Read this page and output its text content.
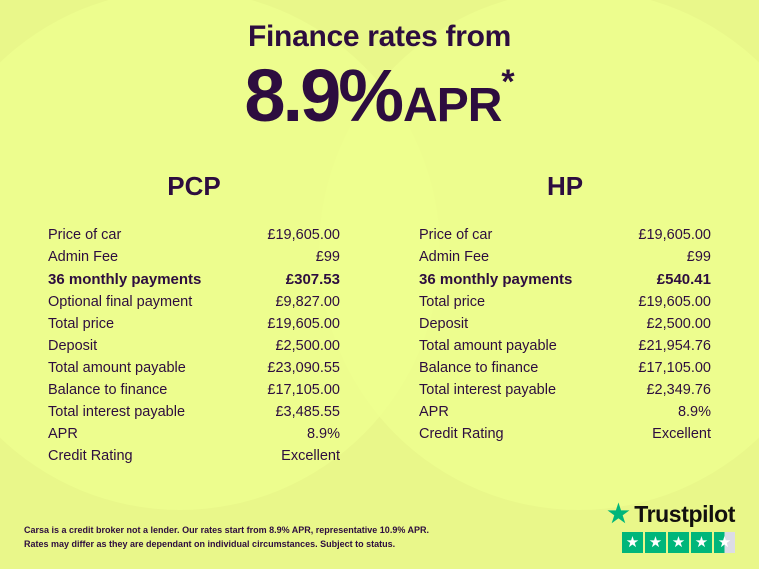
Finance rates from
8.9%APR*
PCP
Price of car	£19,605.00
Admin Fee	£99
36 monthly payments	£307.53
Optional final payment	£9,827.00
Total price	£19,605.00
Deposit	£2,500.00
Total amount payable	£23,090.55
Balance to finance	£17,105.00
Total interest payable	£3,485.55
APR	8.9%
Credit Rating	Excellent
HP
Price of car	£19,605.00
Admin Fee	£99
36 monthly payments	£540.41
Total price	£19,605.00
Deposit	£2,500.00
Total amount payable	£21,954.76
Balance to finance	£17,105.00
Total interest payable	£2,349.76
APR	8.9%
Credit Rating	Excellent
Carsa is a credit broker not a lender. Our rates start from 8.9% APR, representative 10.9% APR.
Rates may differ as they are dependant on individual circumstances. Subject to status.
★ Trustpilot
★ ★ ★ ★ ★
